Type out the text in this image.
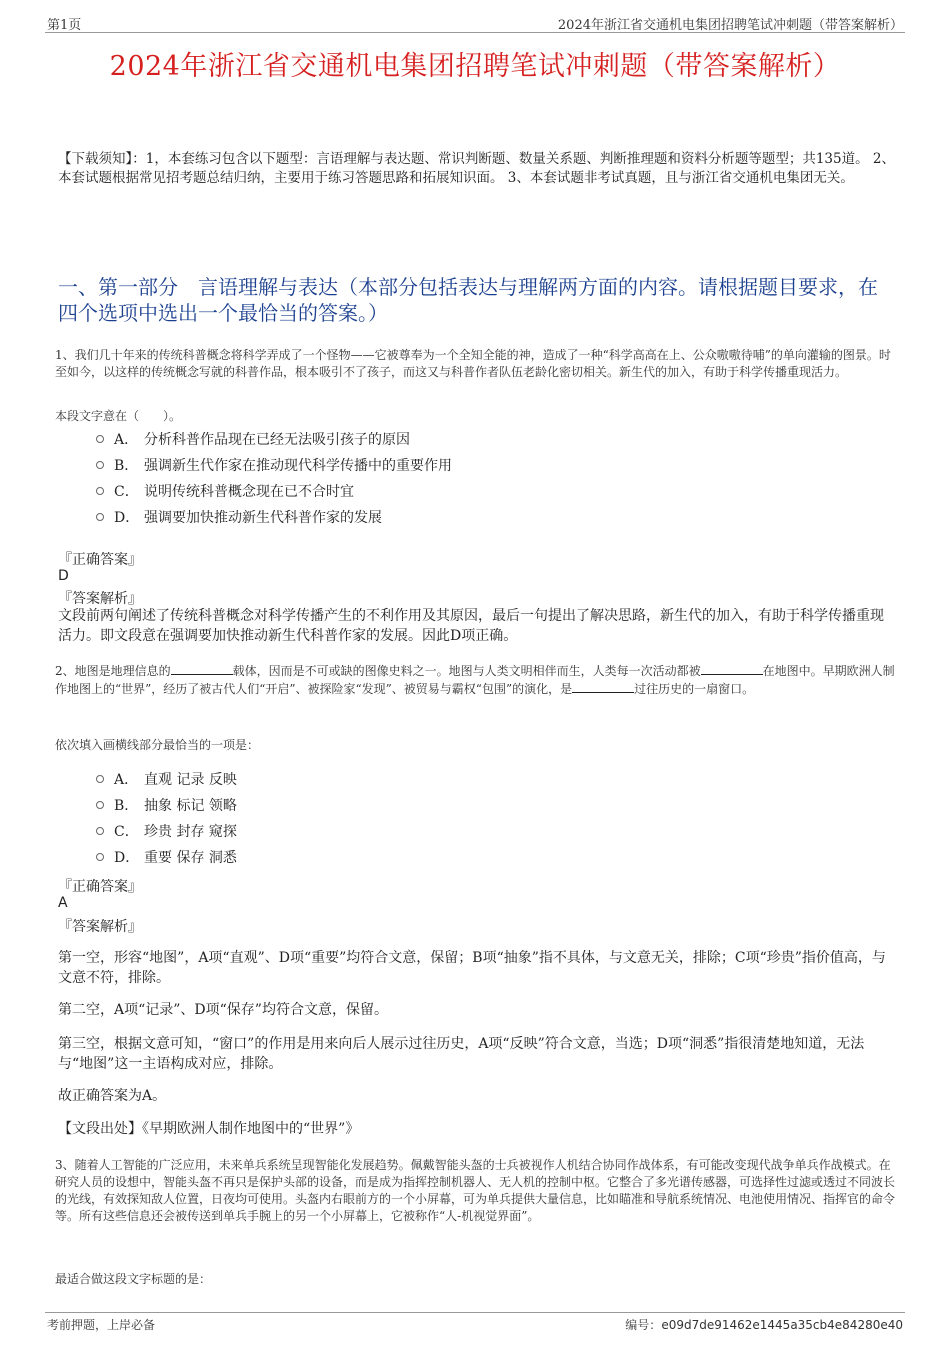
第1页	2024年浙江省交通机电集团招聘笔试冲刺题（带答案解析）
2024年浙江省交通机电集团招聘笔试冲刺题（带答案解析）
【下载须知】：1，本套练习包含以下题型：言语理解与表达题、常识判断题、数量关系题、判断推理题和资料分析题等题型；共135道。 2、本套试题根据常见招考题总结归纳，主要用于练习答题思路和拓展知识面。 3、本套试题非考试真题，且与浙江省交通机电集团无关。
一、第一部分　言语理解与表达（本部分包括表达与理解两方面的内容。请根据题目要求，在四个选项中选出一个最恰当的答案。）
1、我们几十年来的传统科普概念将科学弄成了一个怪物——它被尊奉为一个全知全能的神，造成了一种“科学高高在上、公众嗷嗷待哺”的单向灌输的图景。时至如今，以这样的传统概念写就的科普作品，根本吸引不了孩子，而这又与科普作者队伍老龄化密切相关。新生代的加入，有助于科学传播重现活力。
本段文字意在（　　）。
A． 分析科普作品现在已经无法吸引孩子的原因
B． 强调新生代作家在推动现代科学传播中的重要作用
C． 说明传统科普概念现在已不合时宜
D． 强调要加快推动新生代科普作家的发展
『正确答案』
D
『答案解析』
文段前两句阐述了传统科普概念对科学传播产生的不利作用及其原因，最后一句提出了解决思路，新生代的加入，有助于科学传播重现活力。即文段意在强调要加快推动新生代科普作家的发展。因此D项正确。
2、地图是地理信息的	载体，因而是不可或缺的图像史料之一。地图与人类文明相伴而生，人类每一次活动都被	在地图中。早期欧洲人制作地图上的“世界”，经历了被古代人们“开启”、被探险家“发现”、被贸易与霸权“包围”的演化，是	过往历史的一扇窗口。
依次填入画横线部分最恰当的一项是：
A． 直观 记录 反映
B． 抽象 标记 领略
C． 珍贵 封存 窥探
D． 重要 保存 洞悉
『正确答案』
A
『答案解析』
第一空，形容“地图”，A项“直观”、D项“重要”均符合文意，保留；B项“抽象”指不具体，与文意无关，排除；C项“珍贵”指价值高，与文意不符，排除。
第二空，A项“记录”、D项“保存”均符合文意，保留。
第三空，根据文意可知，“窗口”的作用是用来向后人展示过往历史，A项“反映”符合文意，当选；D项“洞悉”指很清楚地知道，无法与“地图”这一主语构成对应，排除。
故正确答案为A。
【文段出处】《早期欧洲人制作地图中的“世界”》
3、随着人工智能的广泛应用，未来单兵系统呈现智能化发展趋势。佩戴智能头盔的士兵被视作人机结合协同作战体系，有可能改变现代战争单兵作战模式。在研究人员的设想中，智能头盔不再只是保护头部的设备，而是成为指挥控制机器人、无人机的控制中枢。它整合了多光谱传感器，可选择性过滤或透过不同波长的光线，有效探知敌人位置，日夜均可使用。头盔内右眼前方的一个小屏幕，可为单兵提供大量信息，比如瞄准和导航系统情况、电池使用情况、指挥官的命令等。所有这些信息还会被传送到单兵手腕上的另一个小屏幕上，它被称作“人-机视觉界面”。
最适合做这段文字标题的是：
考前押题，上岸必备	编号：e09d7de91462e1445a35cb4e84280e40
